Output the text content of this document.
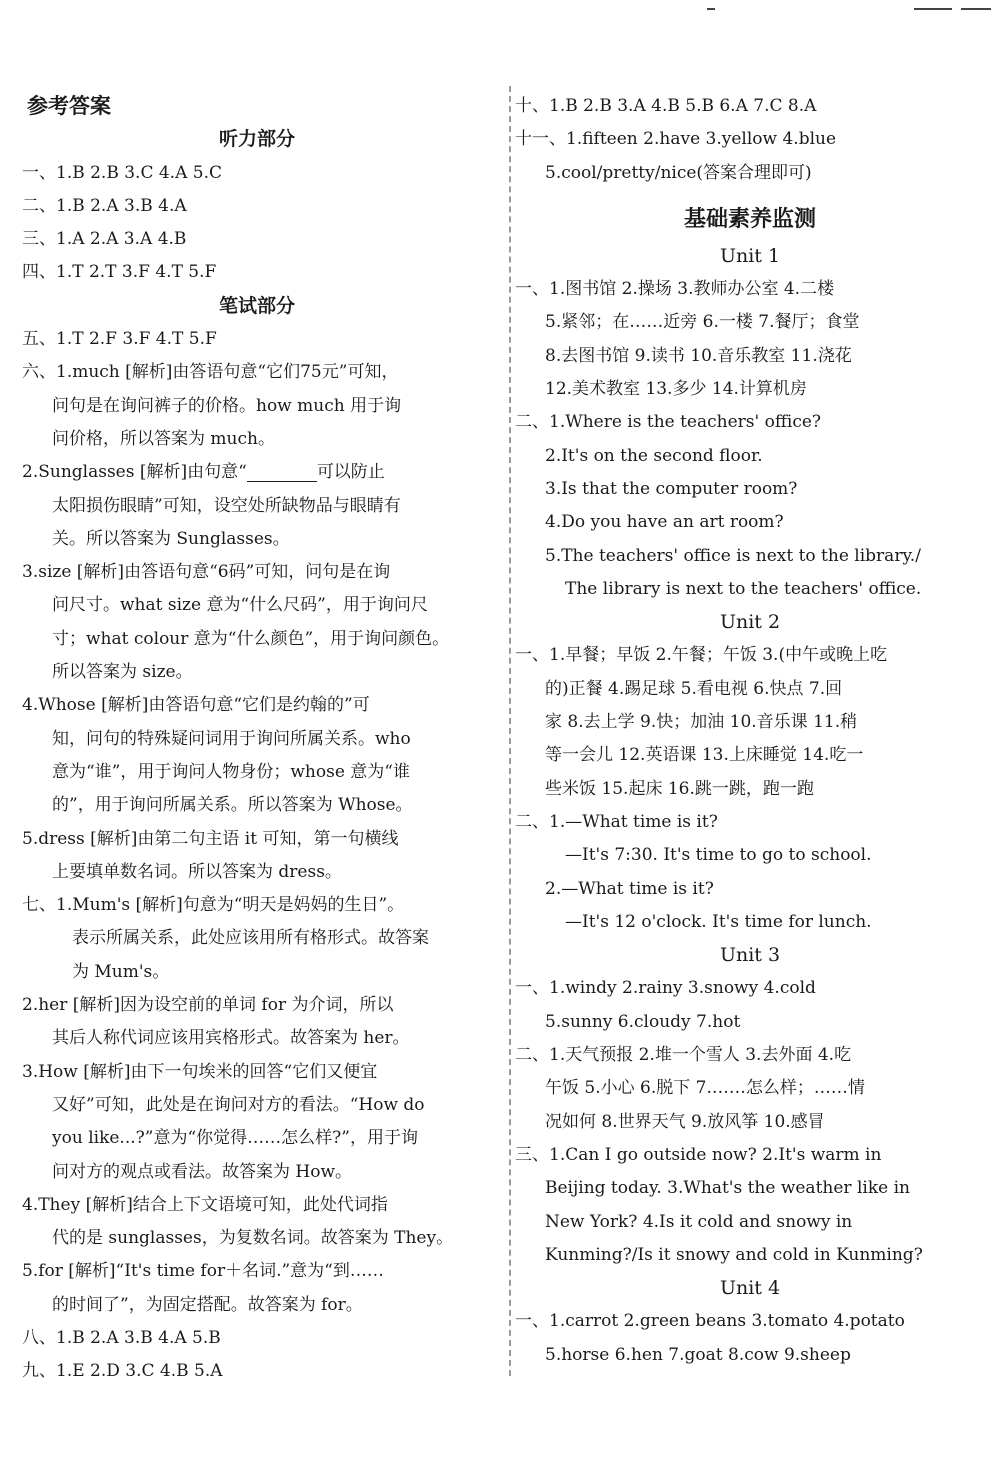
参考答案
听力部分
一、1.B 2.B 3.C 4.A 5.C
二、1.B 2.A 3.B 4.A
三、1.A 2.A 3.A 4.B
四、1.T 2.T 3.F 4.T 5.F
笔试部分
五、1.T 2.F 3.F 4.T 5.F
六、1.much [解析]由答语句意“它们75元”可知，
问句是在询问裤子的价格。how much 用于询
问价格，所以答案为 much。
2.Sunglasses [解析]由句意“	可以防止
太阳损伤眼睛”可知，设空处所缺物品与眼睛有
关。所以答案为 Sunglasses。
3.size [解析]由答语句意“6码”可知，问句是在询
问尺寸。what size 意为“什么尺码”，用于询问尺
寸；what colour 意为“什么颜色”，用于询问颜色。
所以答案为 size。
4.Whose [解析]由答语句意“它们是约翰的”可
知，问句的特殊疑问词用于询问所属关系。who
意为“谁”，用于询问人物身份；whose 意为“谁
的”，用于询问所属关系。所以答案为 Whose。
5.dress [解析]由第二句主语 it 可知，第一句横线
上要填单数名词。所以答案为 dress。
七、1.Mum's [解析]句意为“明天是妈妈的生日”。
表示所属关系，此处应该用所有格形式。故答案
为 Mum's。
2.her [解析]因为设空前的单词 for 为介词，所以
其后人称代词应该用宾格形式。故答案为 her。
3.How [解析]由下一句埃米的回答“它们又便宜
又好”可知，此处是在询问对方的看法。“How do
you like...?”意为“你觉得……怎么样?”，用于询
问对方的观点或看法。故答案为 How。
4.They [解析]结合上下文语境可知，此处代词指
代的是 sunglasses，为复数名词。故答案为 They。
5.for [解析]“It's time for＋名词.”意为“到……
的时间了”，为固定搭配。故答案为 for。
八、1.B 2.A 3.B 4.A 5.B
九、1.E 2.D 3.C 4.B 5.A
十、1.B 2.B 3.A 4.B 5.B 6.A 7.C 8.A
十一、1.fifteen 2.have 3.yellow 4.blue
5.cool/pretty/nice(答案合理即可)
基础素养监测
Unit 1
一、1.图书馆 2.操场 3.教师办公室 4.二楼
5.紧邻；在……近旁 6.一楼 7.餐厅；食堂
8.去图书馆 9.读书 10.音乐教室 11.浇花
12.美术教室 13.多少 14.计算机房
二、1.Where is the teachers' office?
2.It's on the second floor.
3.Is that the computer room?
4.Do you have an art room?
5.The teachers' office is next to the library./
The library is next to the teachers' office.
Unit 2
一、1.早餐；早饭 2.午餐；午饭 3.(中午或晚上吃
的)正餐 4.踢足球 5.看电视 6.快点 7.回
家 8.去上学 9.快；加油 10.音乐课 11.稍
等一会儿 12.英语课 13.上床睡觉 14.吃一
些米饭 15.起床 16.跳一跳，跑一跑
二、1.—What time is it?
—It's 7:30. It's time to go to school.
2.—What time is it?
—It's 12 o'clock. It's time for lunch.
Unit 3
一、1.windy 2.rainy 3.snowy 4.cold
5.sunny 6.cloudy 7.hot
二、1.天气预报 2.堆一个雪人 3.去外面 4.吃
午饭 5.小心 6.脱下 7.……怎么样；……情
况如何 8.世界天气 9.放风筝 10.感冒
三、1.Can I go outside now? 2.It's warm in
Beijing today. 3.What's the weather like in
New York? 4.Is it cold and snowy in
Kunming?/Is it snowy and cold in Kunming?
Unit 4
一、1.carrot 2.green beans 3.tomato 4.potato
5.horse 6.hen 7.goat 8.cow 9.sheep
